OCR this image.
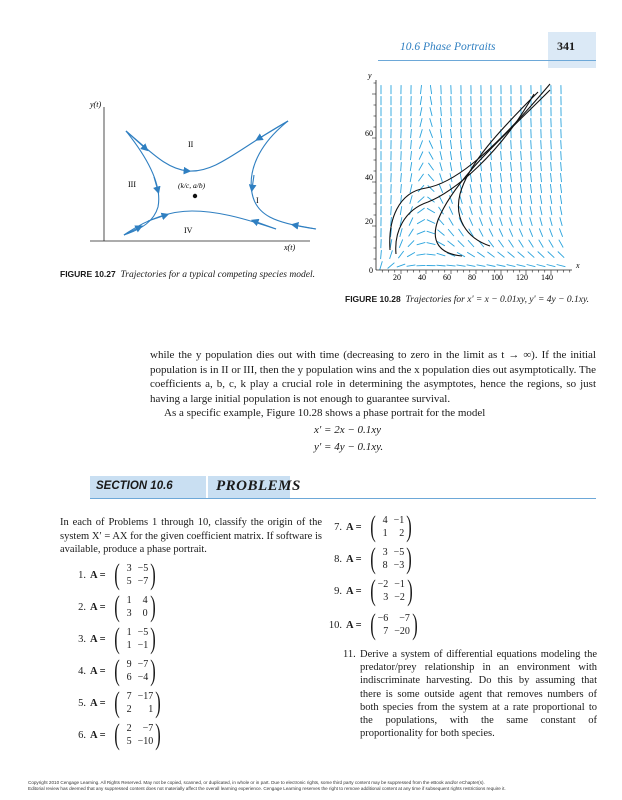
10.6 Phase Portraits	341
y(t)
x(t)
II
III
I
IV
(k/c, a/b)
FIGURE 10.27 Trajectories for a typical competing species model.
y
x
20 40 60 80 100 120 140
0
20
40
60
FIGURE 10.28 Trajectories for x' = x − 0.01xy, y' = 4y − 0.1xy.

while the y population dies out with time (decreasing to zero in the limit as t → ∞). If the initial population is in II or III, then the y population wins and the x population dies out asymptotically. The coefficients a, b, c, k play a crucial role in determining the asymptotes, hence the regions, so just having a large initial population is not enough to guarantee survival.

As a specific example, Figure 10.28 shows a phase portrait for the model

x′ = 2x − 0.1xy
y′ = 4y − 0.1xy.
SECTION 10.6	PROBLEMS
In each of Problems 1 through 10, classify the origin of the system X′ = AX for the given coefficient matrix. If software is available, produce a phase portrait.
1. A = ( 3 −5
5 −7 )
2. A = ( 1	4
3	0 )
3. A = ( 1 −5
1 −1 )
4. A = ( 9 −7
6 −4 )
5. A = ( 7 −17
2	1 )
6. A = ( 2	−7
5 −10 )
7. A = ( 4 −1
1	2 )
8. A = ( 3 −5
8 −3 )
9. A = ( −2 −1
3 −2 )
10. A = ( −6	−7
7 −20 )
11. Derive a system of differential equations modeling the predator/prey relationship in an environment with indiscriminate harvesting. Do this by assuming that there is some outside agent that removes numbers of both species from the system at a rate proportional to the populations, with the same constant of proportionality for both species.
Copyright 2010 Cengage Learning. All Rights Reserved. May not be copied, scanned, or duplicated, in whole or in part. Due to electronic rights, some third party content may be suppressed from the eBook and/or eChapter(s).
Editorial review has deemed that any suppressed content does not materially affect the overall learning experience. Cengage Learning reserves the right to remove additional content at any time if subsequent rights restrictions require it.
